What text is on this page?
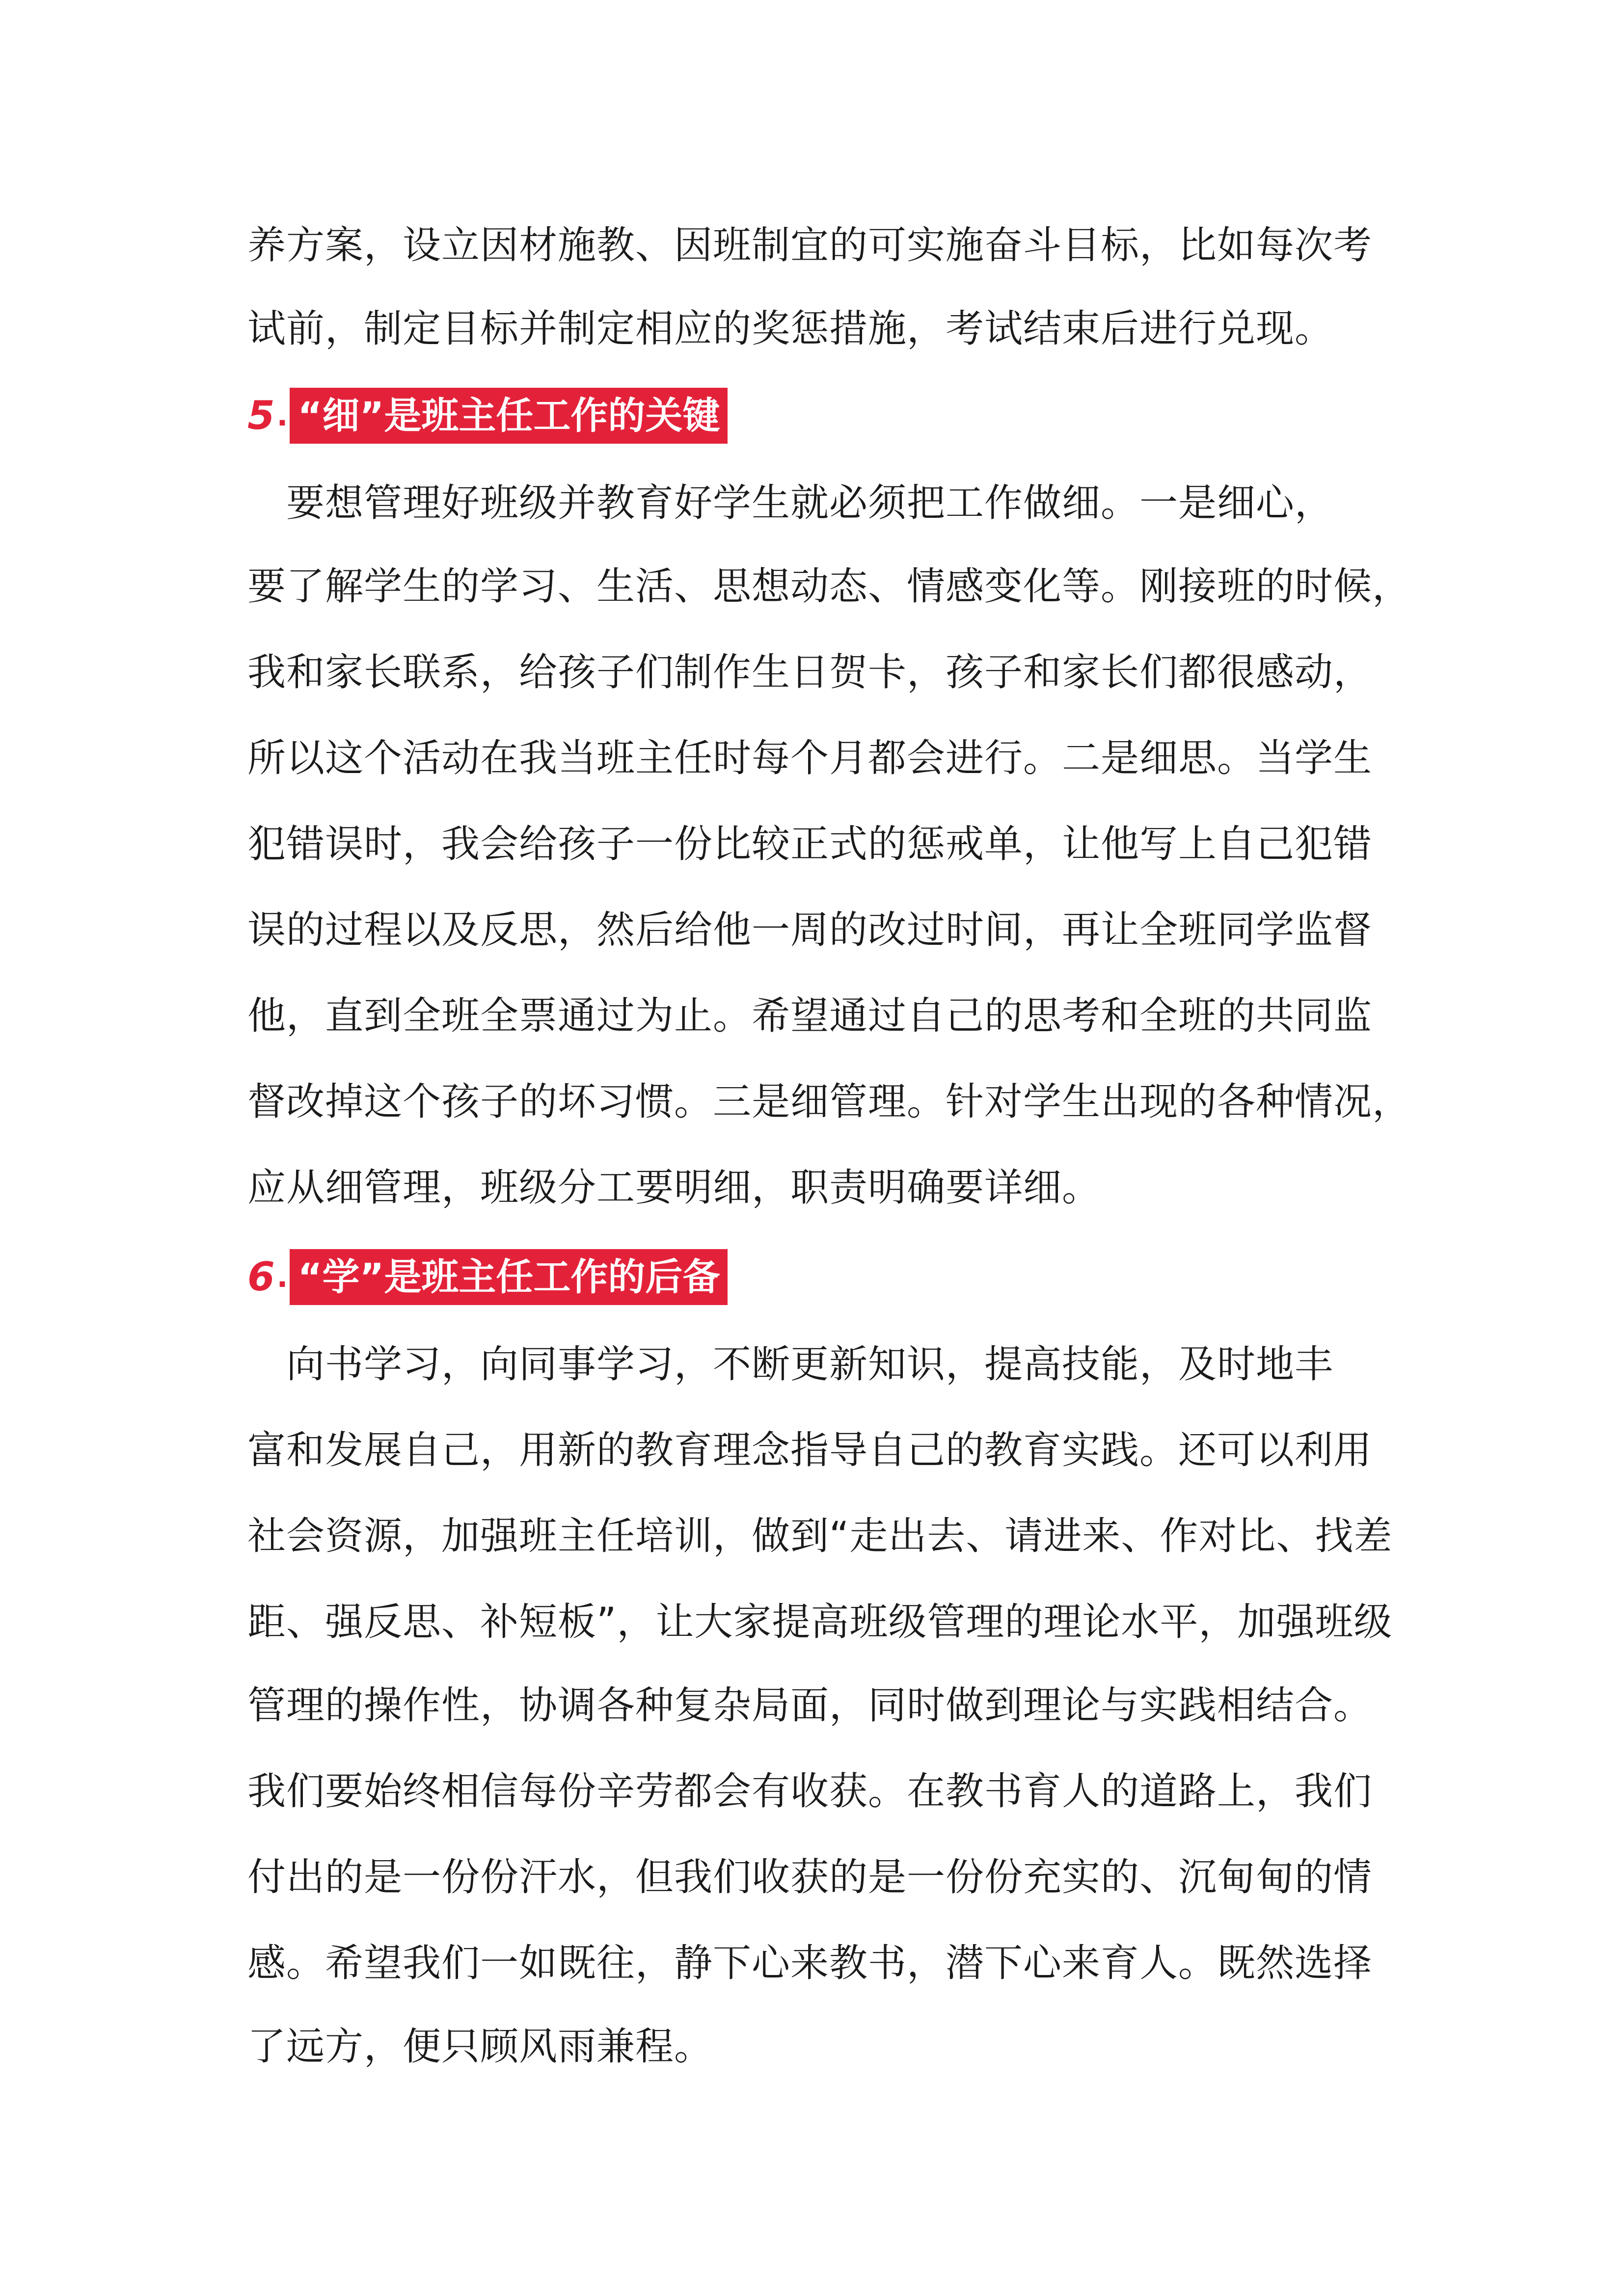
养方案，设立因材施教、因班制宜的可实施奋斗目标，比如每次考
试前，制定目标并制定相应的奖惩措施，考试结束后进行兑现。
5 . “细”是班主任工作的关键
　要想管理好班级并教育好学生就必须把工作做细。一是细心，
要了解学生的学习、生活、思想动态、情感变化等。刚接班的时候，
我和家长联系，给孩子们制作生日贺卡，孩子和家长们都很感动，
所以这个活动在我当班主任时每个月都会进行。二是细思。当学生
犯错误时，我会给孩子一份比较正式的惩戒单，让他写上自己犯错
误的过程以及反思，然后给他一周的改过时间，再让全班同学监督
他，直到全班全票通过为止。希望通过自己的思考和全班的共同监
督改掉这个孩子的坏习惯。三是细管理。针对学生出现的各种情况，
应从细管理，班级分工要明细，职责明确要详细。
6 . “学”是班主任工作的后备
　向书学习，向同事学习，不断更新知识，提高技能，及时地丰
富和发展自己，用新的教育理念指导自己的教育实践。还可以利用
社会资源，加强班主任培训，做到“走出去、请进来、作对比、找差
距、强反思、补短板”，让大家提高班级管理的理论水平，加强班级
管理的操作性，协调各种复杂局面，同时做到理论与实践相结合。
我们要始终相信每份辛劳都会有收获。在教书育人的道路上，我们
付出的是一份份汗水，但我们收获的是一份份充实的、沉甸甸的情
感。希望我们一如既往，静下心来教书，潜下心来育人。既然选择
了远方，便只顾风雨兼程。
